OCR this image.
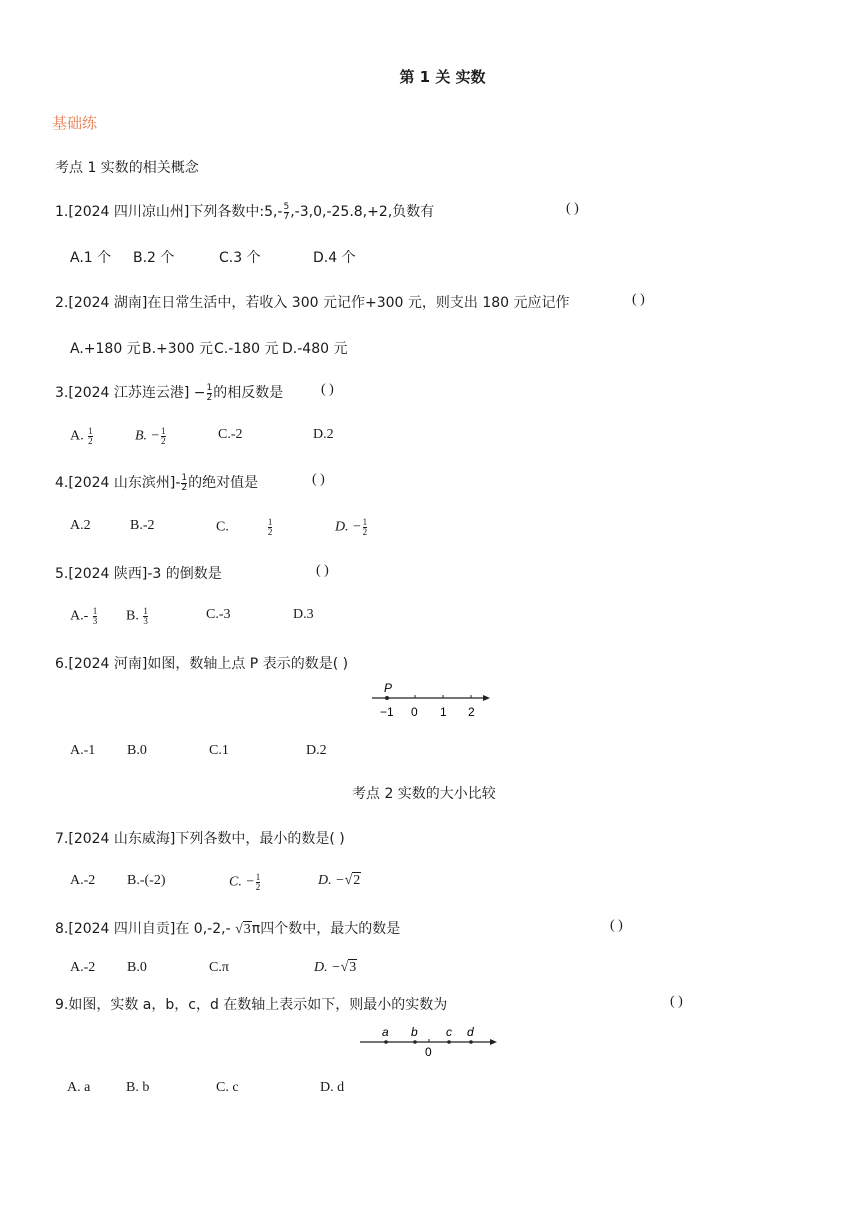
第 1 关 实数
基础练
考点 1 实数的相关概念
1.[2024 四川凉山州]下列各数中:5,- $\frac{5}{7} ,-3,0,-25.8,+2$,负数有	( )
A.1 个 B.2 个	C.3 个	D.4 个
2.[2024 湖南]在日常生活中，若收入 300 元记作+300 元，则支出 180 元应记作	( )
A.+180 元 B.+300 元 C.-180 元 D.-480 元
3.[2024 江苏连云港] − $\frac{1}{2}$ 的相反数是	( )
A. $\frac{1}{2}$	B. − $\frac{1}{2}$	C.-2	D.2
4.[2024 山东滨州]- $\frac{1}{2}$ 的绝对值是	( )
A.2	B.-2	C.	$\frac{1}{2}$	D. − $\frac{1}{2}$
5.[2024 陕西]-3 的倒数是	( )
$A.- \frac{1}{3} B$. $\frac{1}{3}$	C.-3	D.3
6.[2024 河南]如图，数轴上点 P 表示的数是( )
P
−1 0 1 2
A.-1 B.0	C.1	D.2
考点 2 实数的大小比较
7.[2024 山东威海]下列各数中，最小的数是( )
A.-2 B.-(-2)	C. − $\frac{1}{2}$	D. −√2
8.[2024 四川自贡]在 0,-2,- √3π四个数中，最大的数是	( )
A.-2 B.0	C.π	D. −√3
9.如图，实数 a，b，c，d 在数轴上表示如下，则最小的实数为	( )
a b c d
0
A. a	B. b	C. c	D. d
